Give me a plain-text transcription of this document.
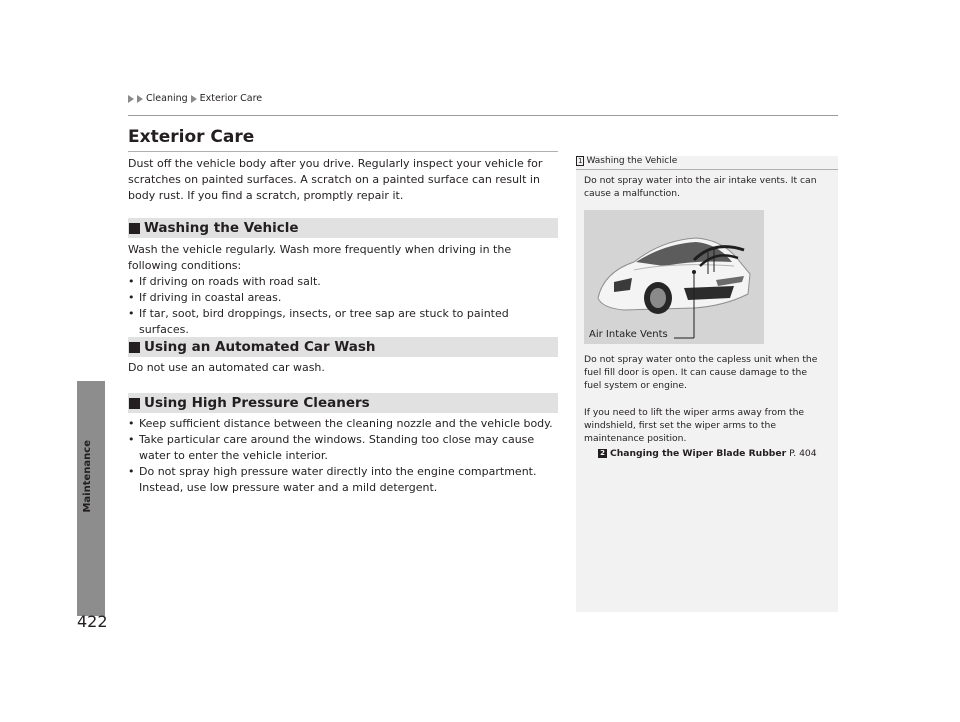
Cleaning Exterior Care
Maintenance
422
Exterior Care
Dust off the vehicle body after you drive. Regularly inspect your vehicle for scratches on painted surfaces. A scratch on a painted surface can result in body rust. If you find a scratch, promptly repair it.
Washing the Vehicle
Wash the vehicle regularly. Wash more frequently when driving in the following conditions:
• If driving on roads with road salt.
• If driving in coastal areas.
• If tar, soot, bird droppings, insects, or tree sap are stuck to painted surfaces.
Using an Automated Car Wash
Do not use an automated car wash.
Using High Pressure Cleaners
• Keep sufficient distance between the cleaning nozzle and the vehicle body.
• Take particular care around the windows. Standing too close may cause water to enter the vehicle interior.
• Do not spray high pressure water directly into the engine compartment. Instead, use low pressure water and a mild detergent.
1 Washing the Vehicle
Do not spray water into the air intake vents. It can cause a malfunction.
Air Intake Vents
Do not spray water onto the capless unit when the fuel fill door is open. It can cause damage to the fuel system or engine.
If you need to lift the wiper arms away from the windshield, first set the wiper arms to the maintenance position.
2 Changing the Wiper Blade Rubber P. 404
